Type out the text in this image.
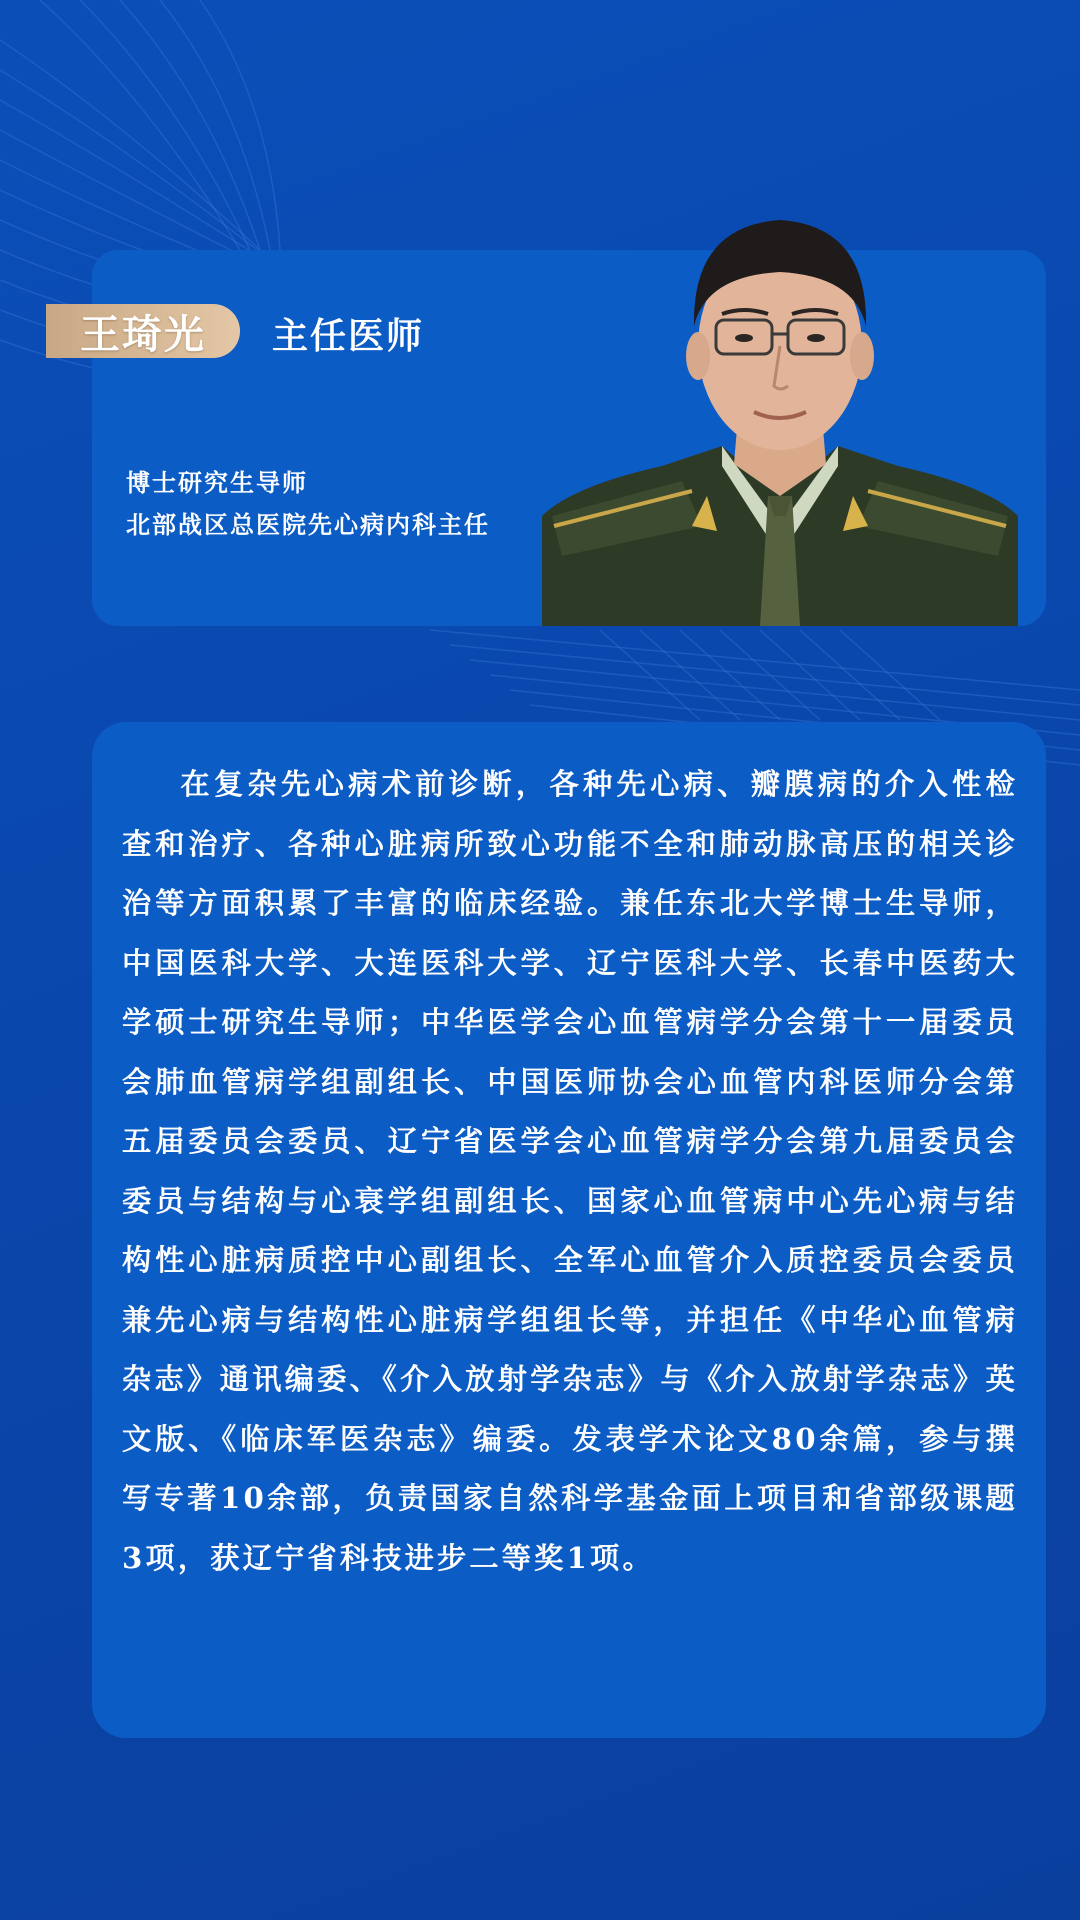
王琦光 主任医师
博士研究生导师
北部战区总医院先心病内科主任
在复杂先心病术前诊断，各种先心病、瓣膜病的介入性检查和治疗、各种心脏病所致心功能不全和肺动脉高压的相关诊治等方面积累了丰富的临床经验。兼任东北大学博士生导师，中国医科大学、大连医科大学、辽宁医科大学、长春中医药大学硕士研究生导师；中华医学会心血管病学分会第十一届委员会肺血管病学组副组长、中国医师协会心血管内科医师分会第五届委员会委员、辽宁省医学会心血管病学分会第九届委员会委员与结构与心衰学组副组长、国家心血管病中心先心病与结构性心脏病质控中心副组长、全军心血管介入质控委员会委员兼先心病与结构性心脏病学组组长等，并担任《中华心血管病杂志》通讯编委、《介入放射学杂志》与《介入放射学杂志》英文版、《临床军医杂志》编委。发表学术论文80余篇，参与撰写专著10余部，负责国家自然科学基金面上项目和省部级课题3项，获辽宁省科技进步二等奖1项。
